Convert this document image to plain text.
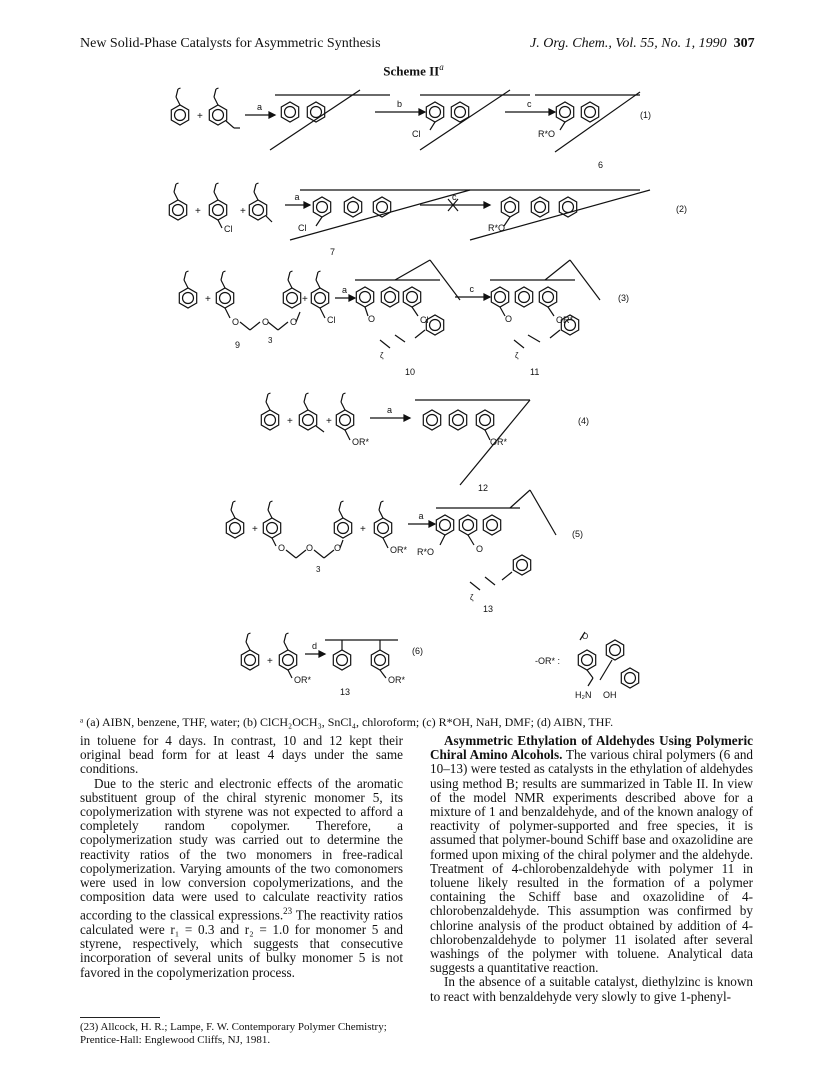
New Solid-Phase Catalysts for Asymmetric Synthesis	J. Org. Chem., Vol. 55, No. 1, 1990 307
Scheme $II^a$
+
a	b
Cl
c
R*O
(1)
6
+
Cl
+
a
Cl
7
c
R*O
(2)
+
O	O
3
O
+
Cl
9
a
O	Cl
ζ
10
c
O	OR*
ζ
11
(3)
+	+
OR*
a
OR*
(4)
12
+
O O
3
O
+
OR*
a
R*O	O
ζ
13
(5)
+
OR*
d
OR*
13
(6)
-OR* :
O
H₂N OH
ᵃ (a) AIBN, benzene, THF, water; (b) ClCH₂OCH₃, SnCl₄, chloroform; (c) R*OH, NaH, DMF; (d) AIBN, THF.

in toluene for 4 days. In contrast, 10 and 12 kept their original bead form for at least 4 days under the same conditions.

Due to the steric and electronic effects of the aromatic substituent group of the chiral styrenic monomer 5, its copolymerization with styrene was not expected to afford a completely random copolymer. Therefore, a copolymerization study was carried out to determine the reactivity ratios of the two monomers in free-radical copolymerization. Varying amounts of the two comonomers were used in low conversion copolymerizations, and the composition data were used to calculate reactivity ratios according to the classical expressions.$^{23}$ The reactivity ratios calculated were r₁ = 0.3 and r₂ = 1.0 for monomer 5 and styrene, respectively, which suggests that consecutive incorporation of several units of bulky monomer 5 is not favored in the copolymerization process.

(23) Allcock, H. R.; Lampe, F. W. Contemporary Polymer Chemistry; Prentice-Hall: Englewood Cliffs, NJ, 1981.

Asymmetric Ethylation of Aldehydes Using Polymeric Chiral Amino Alcohols. The various chiral polymers (6 and 10–13) were tested as catalysts in the ethylation of aldehydes using method B; results are summarized in Table II. In view of the model NMR experiments described above for a mixture of 1 and benzaldehyde, and of the known analogy of reactivity of polymer-supported and free species, it is assumed that polymer-bound Schiff base and oxazolidine are formed upon mixing of the chiral polymer and the aldehyde. Treatment of 4-chlorobenzaldehyde with polymer 11 in toluene likely resulted in the formation of a polymer containing the Schiff base and oxazolidine of 4-chlorobenzaldehyde. This assumption was confirmed by chlorine analysis of the product obtained by addition of 4-chlorobenzaldehyde to polymer 11 isolated after several washings of the polymer with toluene. Analytical data suggests a quantitative reaction.

In the absence of a suitable catalyst, diethylzinc is known to react with benzaldehyde very slowly to give 1-phenyl-
